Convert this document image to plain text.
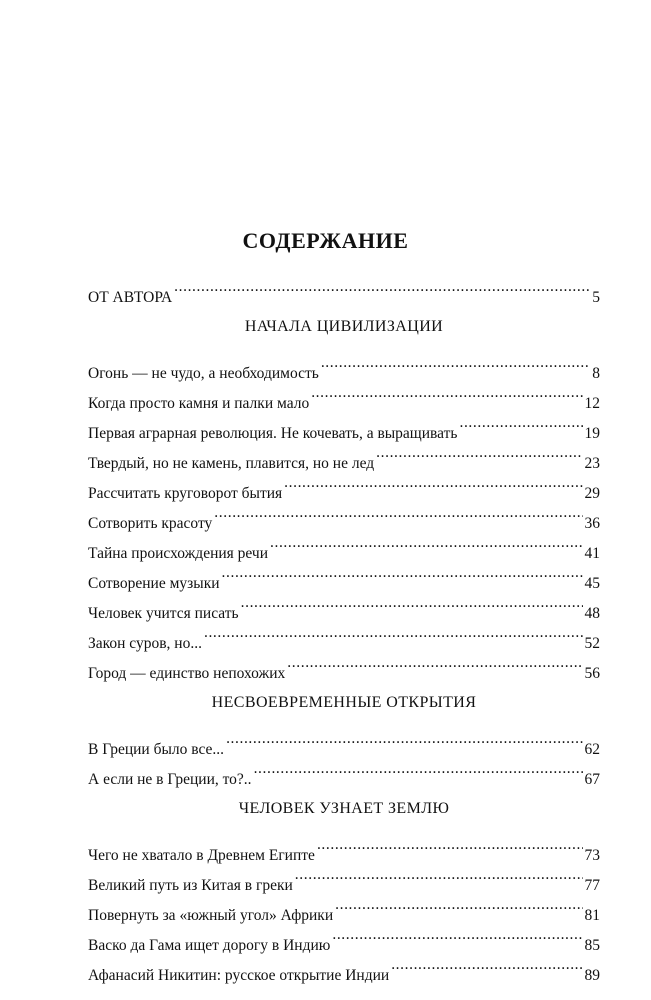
СОДЕРЖАНИЕ
ОТ АВТОРА .....	5
НАЧАЛА ЦИВИЛИЗАЦИИ
Огонь — не чудо, а необходимость .....	8
Когда просто камня и палки мало .....	12
Первая аграрная революция. Не кочевать, а выращивать .....	19
Твердый, но не камень, плавится, но не лед .....	23
Рассчитать круговорот бытия .....	29
Сотворить красоту .....	36
Тайна происхождения речи .....	41
Сотворение музыки .....	45
Человек учится писать .....	48
Закон суров, но... .....	52
Город — единство непохожих .....	56
НЕСВОЕВРЕМЕННЫЕ ОТКРЫТИЯ
В Греции было все... .....	62
А если не в Греции, то?.. .....	67
ЧЕЛОВЕК УЗНАЕТ ЗЕМЛЮ
Чего не хватало в Древнем Египте .....	73
Великий путь из Китая в греки .....	77
Повернуть за «южный угол» Африки .....	81
Васко да Гама ищет дорогу в Индию .....	85
Афанасий Никитин: русское открытие Индии .....	89
